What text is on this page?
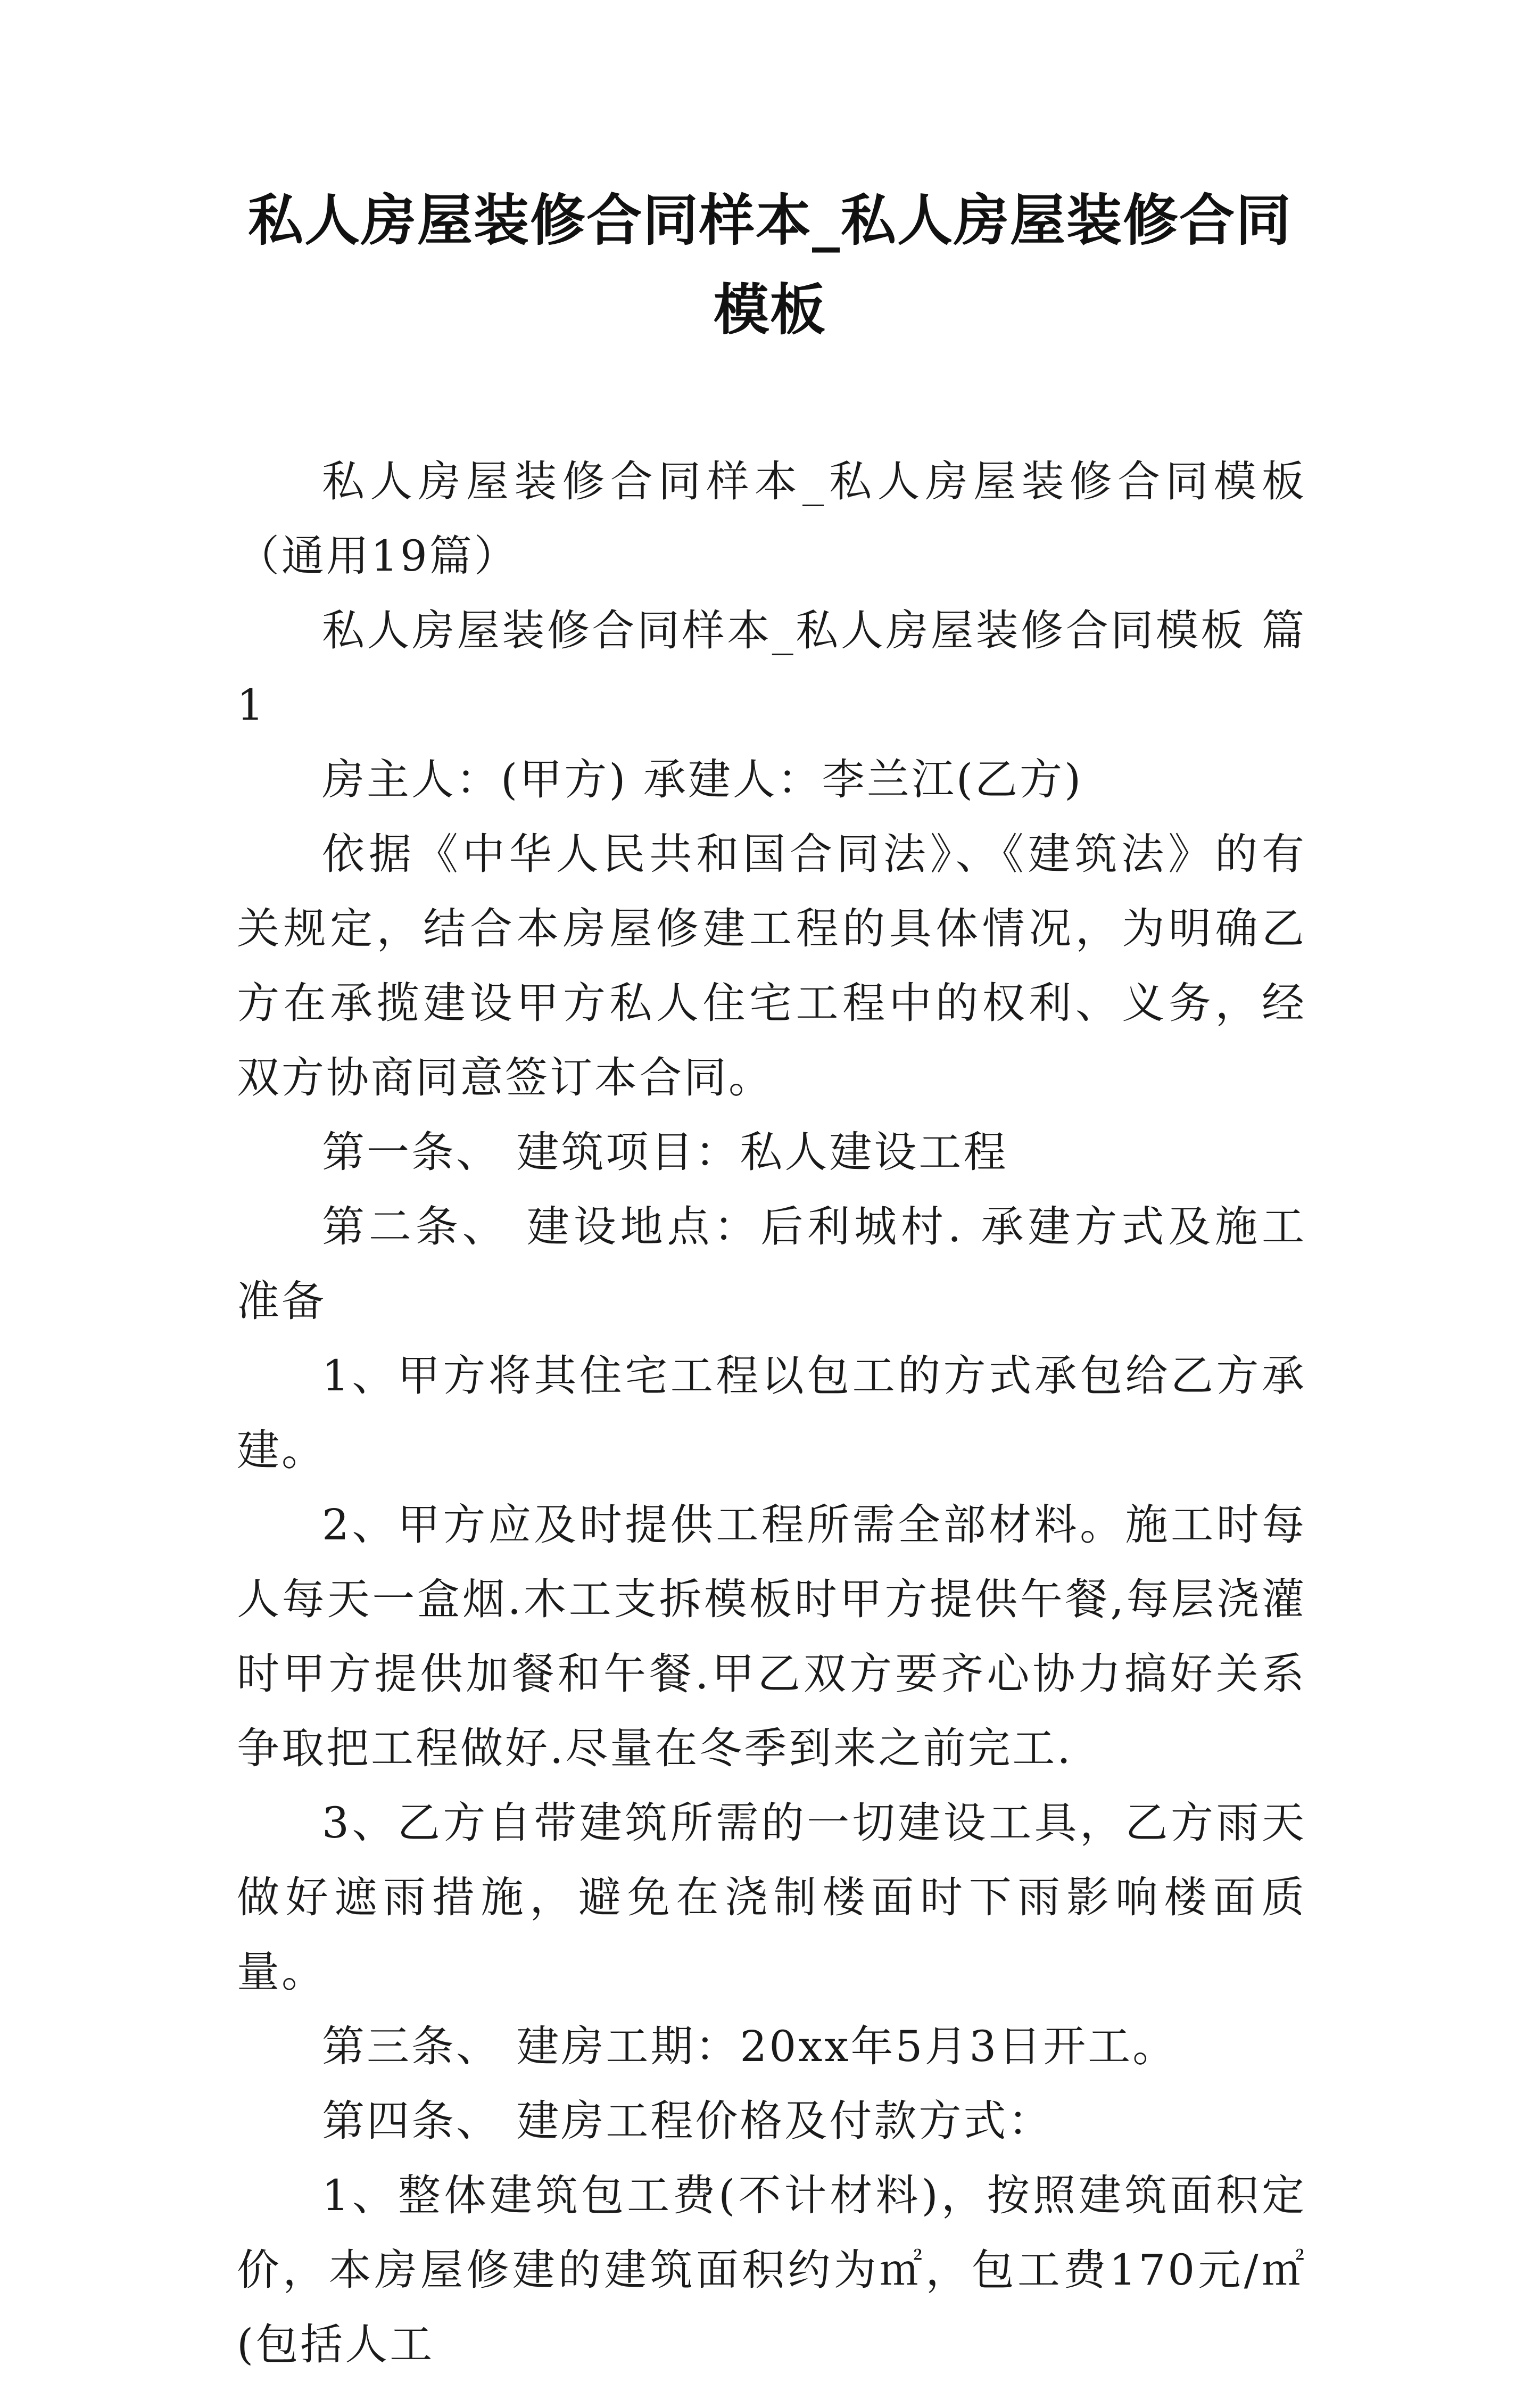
私人房屋装修合同样本_私人房屋装修合同模板

私人房屋装修合同样本_私人房屋装修合同模板（通用19篇）

私人房屋装修合同样本_私人房屋装修合同模板 篇1

房主人：(甲方) 承建人：李兰江(乙方)

依据《中华人民共和国合同法》、《建筑法》的有关规定，结合本房屋修建工程的具体情况，为明确乙方在承揽建设甲方私人住宅工程中的权利、义务，经双方协商同意签订本合同。

第一条、 建筑项目：私人建设工程

第二条、 建设地点：后利城村. 承建方式及施工准备

1、甲方将其住宅工程以包工的方式承包给乙方承建。

2、甲方应及时提供工程所需全部材料。施工时每人每天一盒烟.木工支拆模板时甲方提供午餐,每层浇灌时甲方提供加餐和午餐.甲乙双方要齐心协力搞好关系争取把工程做好.尽量在冬季到来之前完工.

3、乙方自带建筑所需的一切建设工具，乙方雨天做好遮雨措施，避免在浇制楼面时下雨影响楼面质量。

第三条、 建房工期：20xx年5月3日开工。

第四条、 建房工程价格及付款方式：

1、整体建筑包工费(不计材料)，按照建筑面积定价，本房屋修建的建筑面积约为㎡，包工费170元/㎡(包括人工
